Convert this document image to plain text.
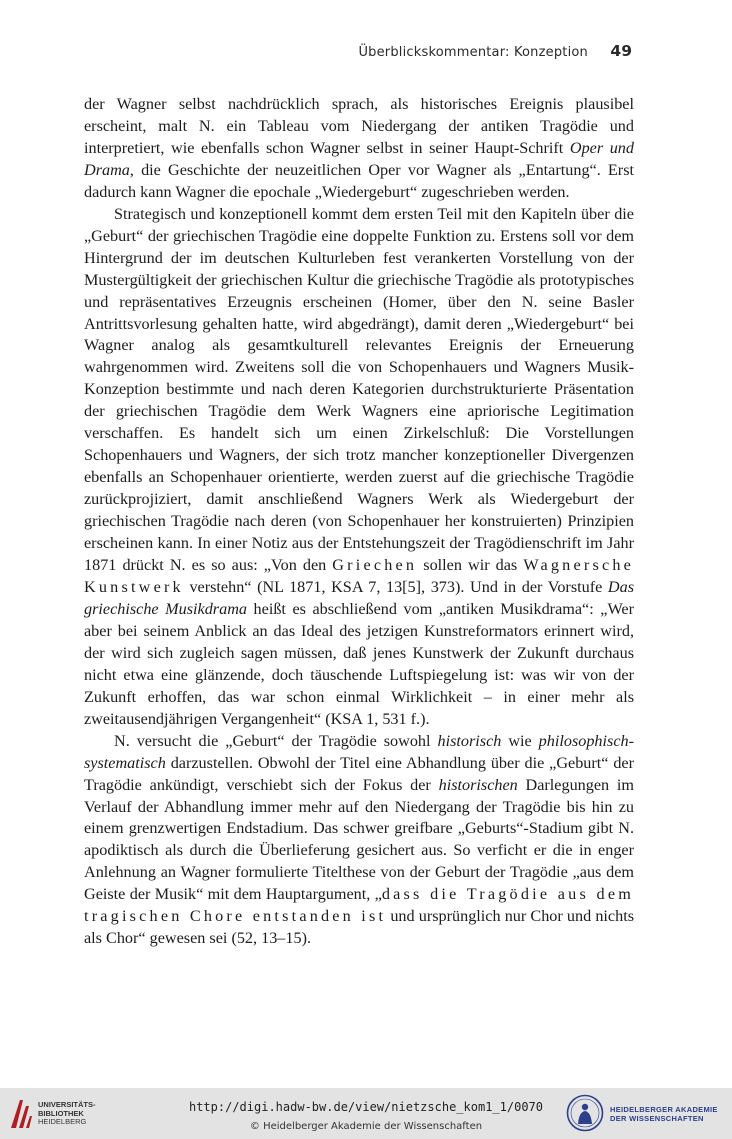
Überblickskommentar: Konzeption 49

der Wagner selbst nachdrücklich sprach, als historisches Ereignis plausibel erscheint, malt N. ein Tableau vom Niedergang der antiken Tragödie und interpretiert, wie ebenfalls schon Wagner selbst in seiner Haupt-Schrift Oper und Drama, die Geschichte der neuzeitlichen Oper vor Wagner als „Entartung“. Erst dadurch kann Wagner die epochale „Wiedergeburt“ zugeschrieben werden.

Strategisch und konzeptionell kommt dem ersten Teil mit den Kapiteln über die „Geburt“ der griechischen Tragödie eine doppelte Funktion zu. Erstens soll vor dem Hintergrund der im deutschen Kulturleben fest verankerten Vorstellung von der Mustergültigkeit der griechischen Kultur die griechische Tragödie als prototypisches und repräsentatives Erzeugnis erscheinen (Homer, über den N. seine Basler Antrittsvorlesung gehalten hatte, wird abgedrängt), damit deren „Wiedergeburt“ bei Wagner analog als gesamtkulturell relevantes Ereignis der Erneuerung wahrgenommen wird. Zweitens soll die von Schopenhauers und Wagners Musik-Konzeption bestimmte und nach deren Kategorien durchstrukturierte Präsentation der griechischen Tragödie dem Werk Wagners eine apriorische Legitimation verschaffen. Es handelt sich um einen Zirkelschluß: Die Vorstellungen Schopenhauers und Wagners, der sich trotz mancher konzeptioneller Divergenzen ebenfalls an Schopenhauer orientierte, werden zuerst auf die griechische Tragödie zurückprojiziert, damit anschließend Wagners Werk als Wiedergeburt der griechischen Tragödie nach deren (von Schopenhauer her konstruierten) Prinzipien erscheinen kann. In einer Notiz aus der Entstehungszeit der Tragödienschrift im Jahr 1871 drückt N. es so aus: „Von den Griechen sollen wir das Wagnersche Kunstwerk verstehn“ (NL 1871, KSA 7, 13[5], 373). Und in der Vorstufe Das griechische Musikdrama heißt es abschließend vom „antiken Musikdrama“: „Wer aber bei seinem Anblick an das Ideal des jetzigen Kunstreformators erinnert wird, der wird sich zugleich sagen müssen, daß jenes Kunstwerk der Zukunft durchaus nicht etwa eine glänzende, doch täuschende Luftspiegelung ist: was wir von der Zukunft erhoffen, das war schon einmal Wirklichkeit – in einer mehr als zweitausendjährigen Vergangenheit“ (KSA 1, 531 f.).

N. versucht die „Geburt“ der Tragödie sowohl historisch wie philosophisch-systematisch darzustellen. Obwohl der Titel eine Abhandlung über die „Geburt“ der Tragödie ankündigt, verschiebt sich der Fokus der historischen Darlegungen im Verlauf der Abhandlung immer mehr auf den Niedergang der Tragödie bis hin zu einem grenzwertigen Endstadium. Das schwer greifbare „Geburts“-Stadium gibt N. apodiktisch als durch die Überlieferung gesichert aus. So verficht er die in enger Anlehnung an Wagner formulierte Titelthese von der Geburt der Tragödie „aus dem Geiste der Musik“ mit dem Hauptargument, „dass die Tragödie aus dem tragischen Chore entstanden ist und ursprünglich nur Chor und nichts als Chor“ gewesen sei (52, 13–15).

UNIVERSITÄTS-
BIBLIOTHEK
HEIDELBERG
http://digi.hadw-bw.de/view/nietzsche_kom1_1/0070
© Heidelberger Akademie der Wissenschaften
HEIDELBERGER AKADEMIE
DER WISSENSCHAFTEN
